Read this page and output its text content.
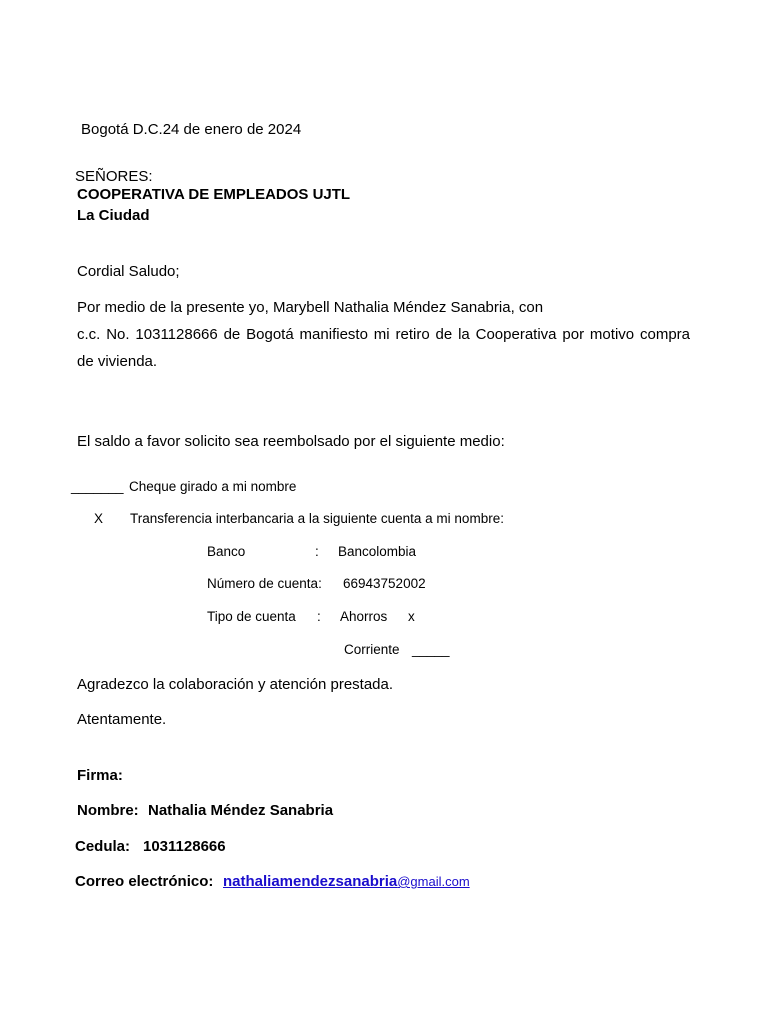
Bogotá D.C.24 de enero de 2024
SEÑORES:
COOPERATIVA DE EMPLEADOS UJTL
La Ciudad
Cordial Saludo;
Por medio de la presente yo, Marybell Nathalia Méndez Sanabria, con
c.c. No. 1031128666 de Bogotá manifiesto mi retiro de la Cooperativa por motivo compra
de vivienda.
El saldo a favor solicito sea reembolsado por el siguiente medio:
_______ Cheque girado a mi nombre
X Transferencia interbancaria a la siguiente cuenta a mi nombre:
Banco	: Bancolombia
Número de cuenta: 66943752002
Tipo de cuenta : Ahorros x
Corriente _____
Agradezco la colaboración y atención prestada.
Atentamente.
Firma:
Nombre: Nathalia Méndez Sanabria
Cedula: 1031128666
Correo electrónico: nathaliamendezsanabria@gmail.com
